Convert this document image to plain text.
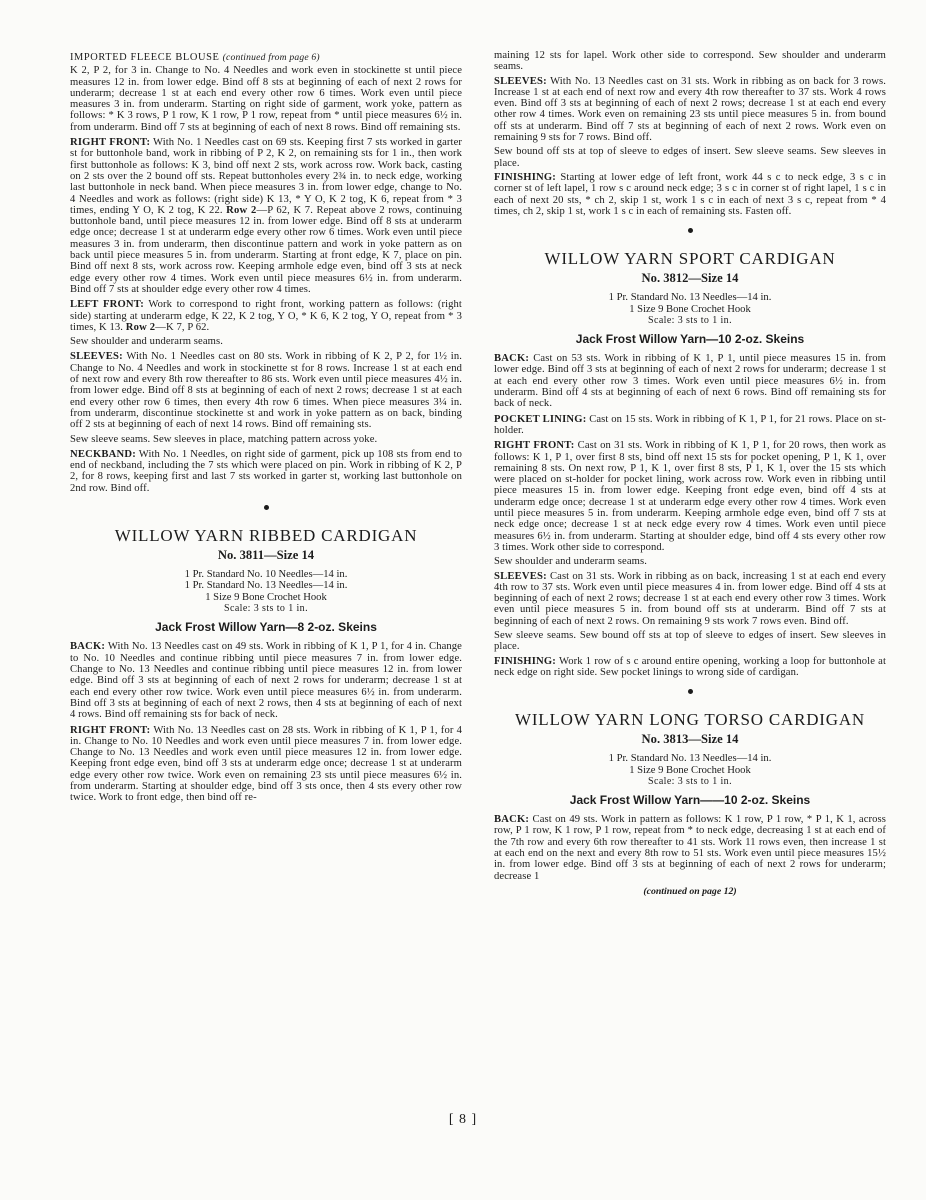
IMPORTED FLEECE BLOUSE (continued from page 6)

K 2, P 2, for 3 in. Change to No. 4 Needles and work even in stockinette st until piece measures 12 in. from lower edge. Bind off 8 sts at beginning of each of next 2 rows for underarm; decrease 1 st at each end every other row 6 times. Work even until piece measures 3 in. from underarm. Starting on right side of garment, work yoke, pattern as follows: * K 3 rows, P 1 row, K 1 row, P 1 row, repeat from * until piece measures 6½ in. from underarm. Bind off 7 sts at beginning of each of next 8 rows. Bind off remaining sts.

RIGHT FRONT: With No. 1 Needles cast on 69 sts. Keeping first 7 sts worked in garter st for buttonhole band, work in ribbing of P 2, K 2, on remaining sts for 1 in., then work first buttonhole as follows: K 3, bind off next 2 sts, work across row. Work back, casting on 2 sts over the 2 bound off sts. Repeat buttonholes every 2¾ in. to neck edge, working last buttonhole in neck band. When piece measures 3 in. from lower edge, change to No. 4 Needles and work as follows: (right side) K 13, * Y O, K 2 tog, K 6, repeat from * 3 times, ending Y O, K 2 tog, K 22. Row 2—P 62, K 7. Repeat above 2 rows, continuing buttonhole band, until piece measures 12 in. from lower edge. Bind off 8 sts at underarm edge once; decrease 1 st at underarm edge every other row 6 times. Work even until piece measures 3 in. from underarm, then discontinue pattern and work in yoke pattern as on back until piece measures 5 in. from underarm. Starting at front edge, K 7, place on pin. Bind off next 8 sts, work across row. Keeping armhole edge even, bind off 3 sts at neck edge every other row 4 times. Work even until piece measures 6½ in. from underarm. Bind off 7 sts at shoulder edge every other row 4 times.

LEFT FRONT: Work to correspond to right front, working pattern as follows: (right side) starting at underarm edge, K 22, K 2 tog, Y O, * K 6, K 2 tog, Y O, repeat from * 3 times, K 13. Row 2—K 7, P 62.

Sew shoulder and underarm seams.

SLEEVES: With No. 1 Needles cast on 80 sts. Work in ribbing of K 2, P 2, for 1½ in. Change to No. 4 Needles and work in stockinette st for 8 rows. Increase 1 st at each end of next row and every 8th row thereafter to 86 sts. Work even until piece measures 4½ in. from lower edge. Bind off 8 sts at beginning of each of next 2 rows; decrease 1 st at each end every other row 6 times, then every 4th row 6 times. When piece measures 3¼ in. from underarm, discontinue stockinette st and work in yoke pattern as on back, binding off 2 sts at beginning of each of next 14 rows. Bind off remaining sts.

Sew sleeve seams. Sew sleeves in place, matching pattern across yoke.

NECKBAND: With No. 1 Needles, on right side of garment, pick up 108 sts from end to end of neckband, including the 7 sts which were placed on pin. Work in ribbing of K 2, P 2, for 8 rows, keeping first and last 7 sts worked in garter st, working last buttonhole on 2nd row. Bind off.

WILLOW YARN RIBBED CARDIGAN
No. 3811—Size 14
1 Pr. Standard No. 10 Needles—14 in.
1 Pr. Standard No. 13 Needles—14 in.
1 Size 9 Bone Crochet Hook
Scale: 3 sts to 1 in.
Jack Frost Willow Yarn—8 2-oz. Skeins

BACK: With No. 13 Needles cast on 49 sts. Work in ribbing of K 1, P 1, for 4 in. Change to No. 10 Needles and continue ribbing until piece measures 7 in. from lower edge. Change to No. 13 Needles and continue ribbing until piece measures 12 in. from lower edge. Bind off 3 sts at beginning of each of next 2 rows for underarm; decrease 1 st at each end every other row twice. Work even until piece measures 6½ in. from underarm. Bind off 3 sts at beginning of each of next 2 rows, then 4 sts at beginning of each of next 4 rows. Bind off remaining sts for back of neck.

RIGHT FRONT: With No. 13 Needles cast on 28 sts. Work in ribbing of K 1, P 1, for 4 in. Change to No. 10 Needles and work even until piece measures 7 in. from lower edge. Change to No. 13 Needles and work even until piece measures 12 in. from lower edge. Keeping front edge even, bind off 3 sts at underarm edge once; decrease 1 st at underarm edge every other row twice. Work even on remaining 23 sts until piece measures 6½ in. from underarm. Starting at shoulder edge, bind off 3 sts once, then 4 sts every other row twice. Work to front edge, then bind off re-

maining 12 sts for lapel. Work other side to correspond. Sew shoulder and underarm seams.

SLEEVES: With No. 13 Needles cast on 31 sts. Work in ribbing as on back for 3 rows. Increase 1 st at each end of next row and every 4th row thereafter to 37 sts. Work 4 rows even. Bind off 3 sts at beginning of each of next 2 rows; decrease 1 st at each end every other row 4 times. Work even on remaining 23 sts until piece measures 5 in. from bound off sts at underarm. Bind off 7 sts at beginning of each of next 2 rows. Work even on remaining 9 sts for 7 rows. Bind off.

Sew bound off sts at top of sleeve to edges of insert. Sew sleeve seams. Sew sleeves in place.

FINISHING: Starting at lower edge of left front, work 44 s c to neck edge, 3 s c in corner st of left lapel, 1 row s c around neck edge; 3 s c in corner st of right lapel, 1 s c in each of next 20 sts, * ch 2, skip 1 st, work 1 s c in each of next 3 s c, repeat from * 4 times, ch 2, skip 1 st, work 1 s c in each of remaining sts. Fasten off.

WILLOW YARN SPORT CARDIGAN
No. 3812—Size 14
1 Pr. Standard No. 13 Needles—14 in.
1 Size 9 Bone Crochet Hook
Scale: 3 sts to 1 in.
Jack Frost Willow Yarn—10 2-oz. Skeins

BACK: Cast on 53 sts. Work in ribbing of K 1, P 1, until piece measures 15 in. from lower edge. Bind off 3 sts at beginning of each of next 2 rows for underarm; decrease 1 st at each end every other row 3 times. Work even until piece measures 6½ in. from underarm. Bind off 4 sts at beginning of each of next 6 rows. Bind off remaining sts for back of neck.

POCKET LINING: Cast on 15 sts. Work in ribbing of K 1, P 1, for 21 rows. Place on st-holder.

RIGHT FRONT: Cast on 31 sts. Work in ribbing of K 1, P 1, for 20 rows, then work as follows: K 1, P 1, over first 8 sts, bind off next 15 sts for pocket opening, P 1, K 1, over remaining 8 sts. On next row, P 1, K 1, over first 8 sts, P 1, K 1, over the 15 sts which were placed on st-holder for pocket lining, work across row. Work even in ribbing until piece measures 15 in. from lower edge. Keeping front edge even, bind off 4 sts at underarm edge once; decrease 1 st at underarm edge every other row 4 times. Work even until piece measures 5 in. from underarm. Keeping armhole edge even, bind off 7 sts at neck edge once; decrease 1 st at neck edge every row 4 times. Work even until piece measures 6½ in. from underarm. Starting at shoulder edge, bind off 4 sts every other row 3 times. Work other side to correspond.

Sew shoulder and underarm seams.

SLEEVES: Cast on 31 sts. Work in ribbing as on back, increasing 1 st at each end every 4th row to 37 sts. Work even until piece measures 4 in. from lower edge. Bind off 4 sts at beginning of each of next 2 rows; decrease 1 st at each end every other row 3 times. Work even until piece measures 5 in. from bound off sts at underarm. Bind off 7 sts at beginning of each of next 2 rows. On remaining 9 sts work 7 rows even. Bind off.

Sew sleeve seams. Sew bound off sts at top of sleeve to edges of insert. Sew sleeves in place.

FINISHING: Work 1 row of s c around entire opening, working a loop for buttonhole at neck edge on right side. Sew pocket linings to wrong side of cardigan.

WILLOW YARN LONG TORSO CARDIGAN
No. 3813—Size 14
1 Pr. Standard No. 13 Needles—14 in.
1 Size 9 Bone Crochet Hook
Scale: 3 sts to 1 in.
Jack Frost Willow Yarn——10 2-oz. Skeins

BACK: Cast on 49 sts. Work in pattern as follows: K 1 row, P 1 row, * P 1, K 1, across row, P 1 row, K 1 row, P 1 row, repeat from * to neck edge, decreasing 1 st at each end of the 7th row and every 6th row thereafter to 41 sts. Work 11 rows even, then increase 1 st at each end on the next and every 8th row to 51 sts. Work even until piece measures 15½ in. from lower edge. Bind off 3 sts at beginning of each of next 2 rows for underarm; decrease 1

(continued on page 12)
[ 8 ]
